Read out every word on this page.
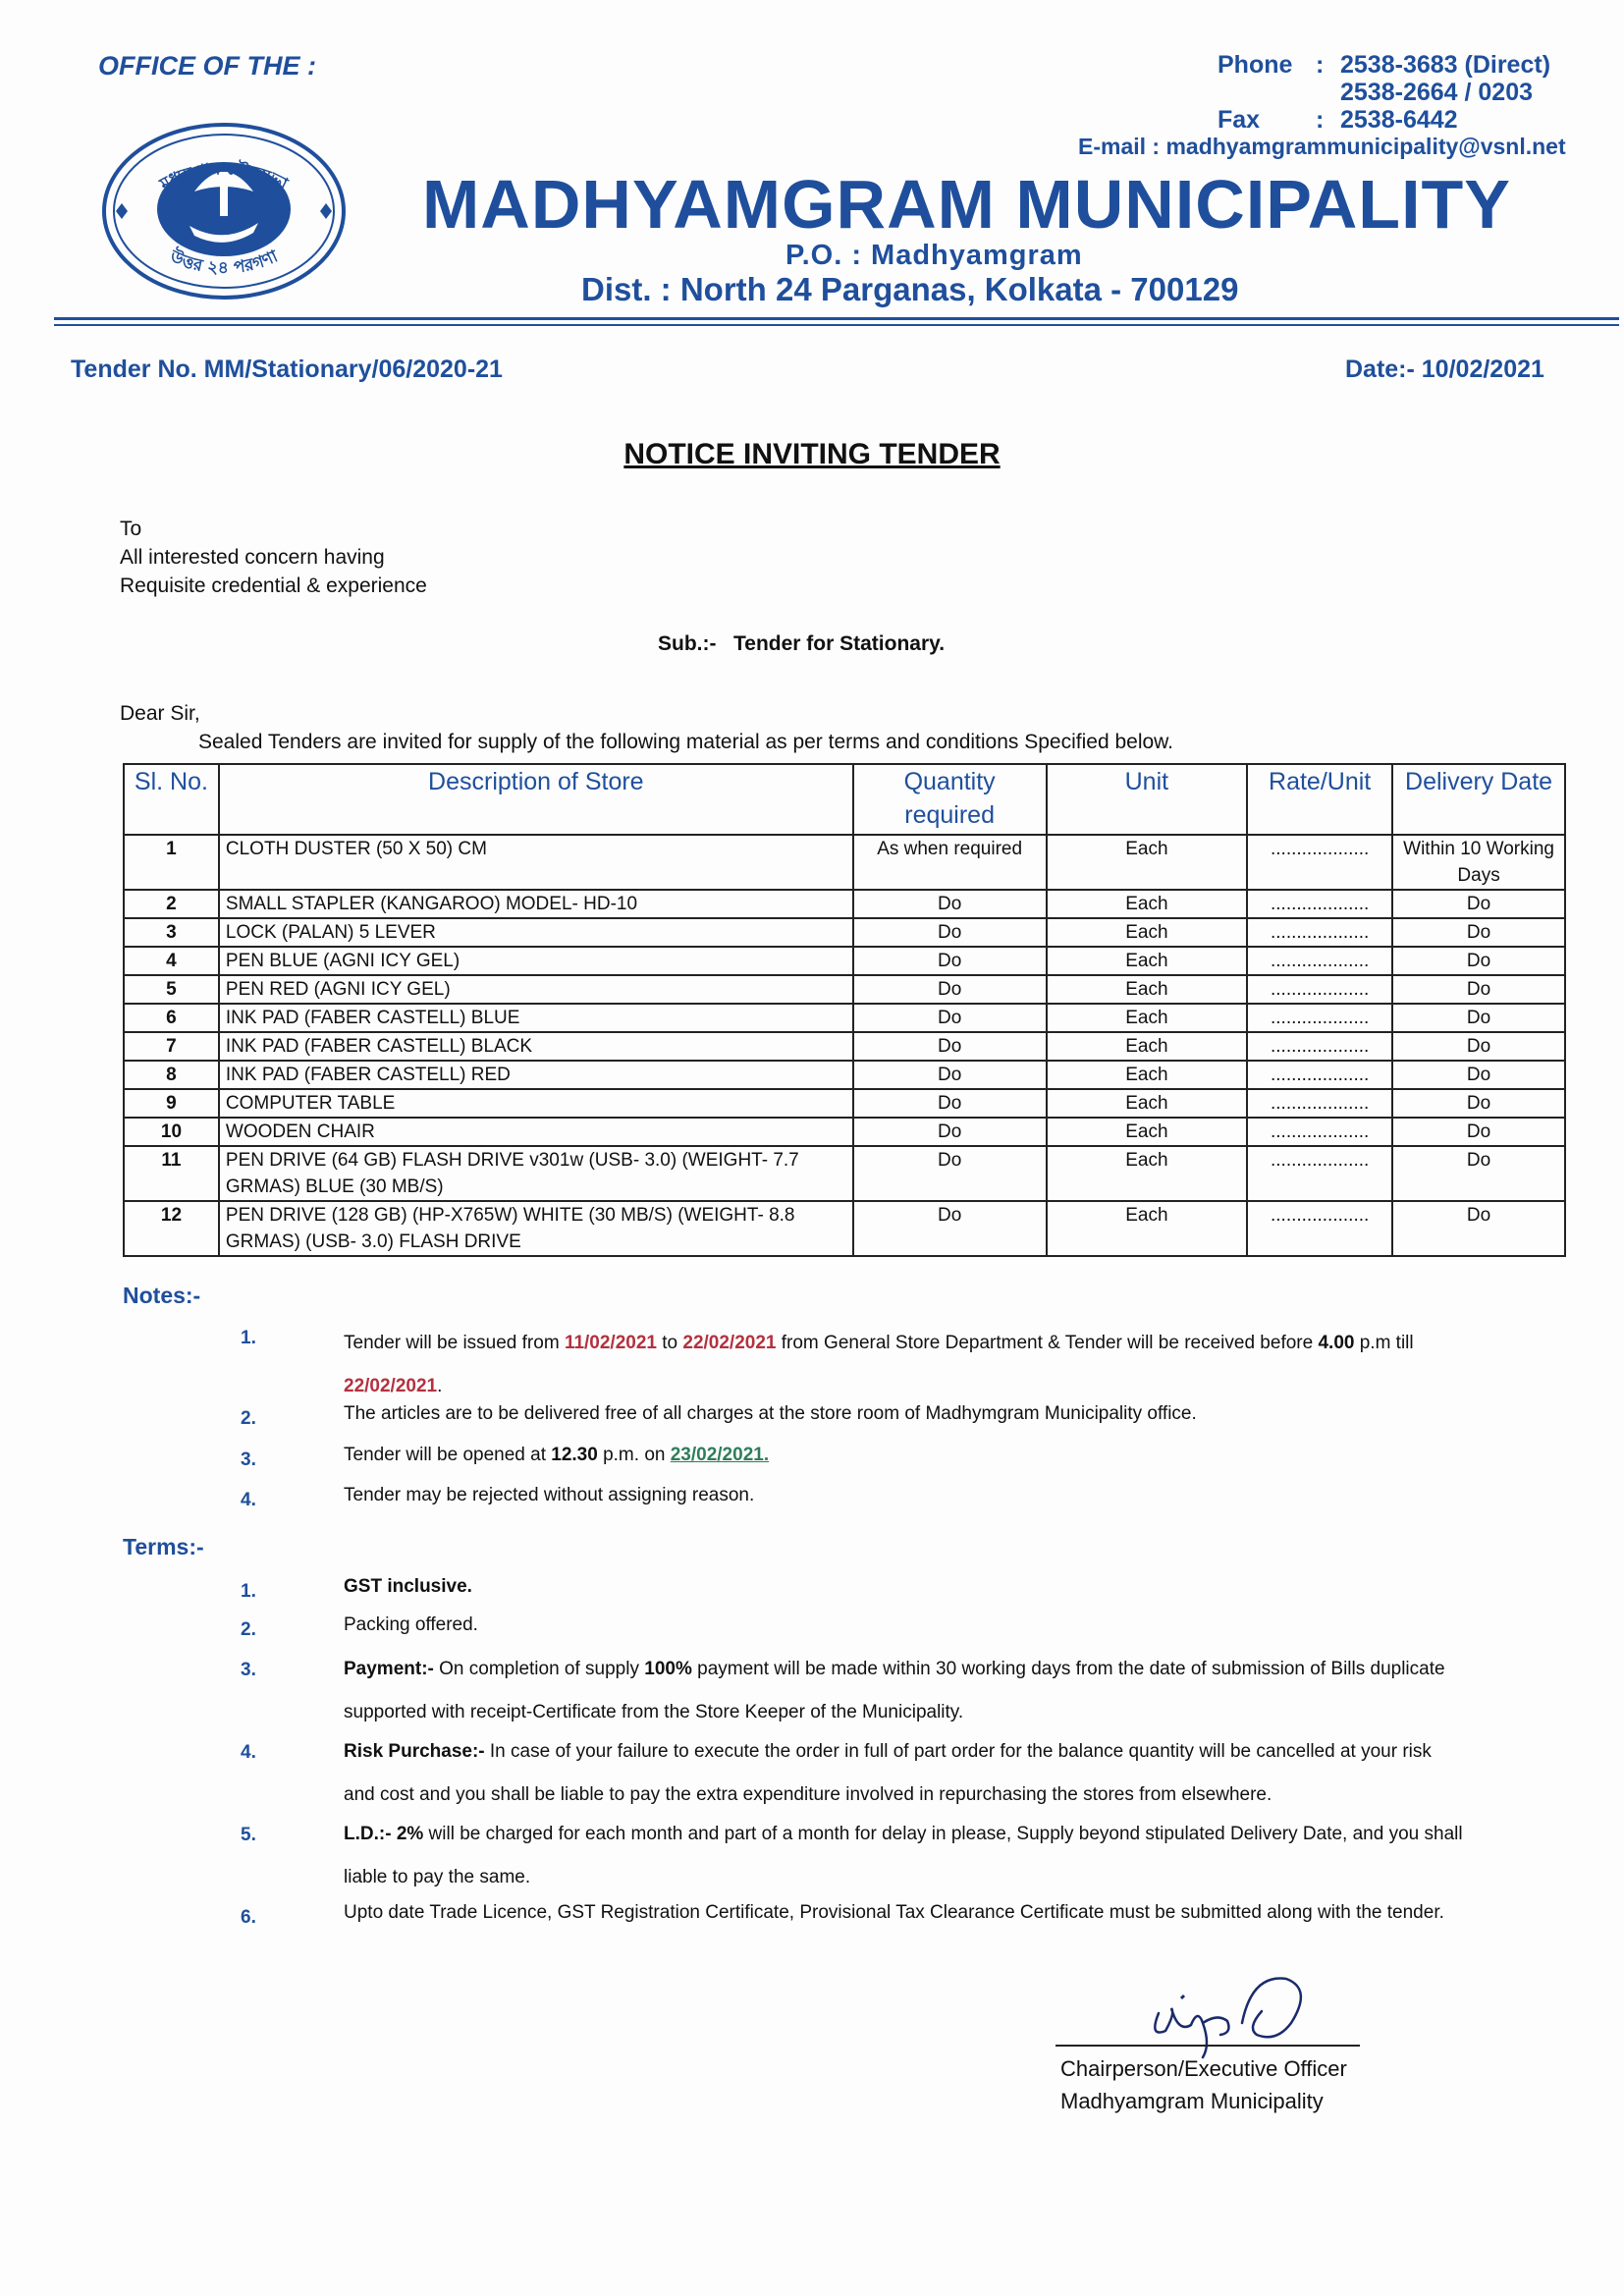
OFFICE OF THE :	Phone : 2538-3683 (Direct)
2538-2664 / 0203
Fax : 2538-6442
E-mail : madhyamgrammunicipality@vsnl.net
মধ্যমগ্রাম পৌরসভা
উত্তর ২৪ পরগণা
MADHYAMGRAM MUNICIPALITY
P.O. : Madhyamgram
Dist. : North 24 Parganas, Kolkata - 700129
Tender No. MM/Stationary/06/2020-21	Date:- 10/02/2021
NOTICE INVITING TENDER
To
All interested concern having
Requisite credential & experience
Sub.:- Tender for Stationary.
Dear Sir,
Sealed Tenders are invited for supply of the following material as per terms and conditions Specified below.
Sl. No.	Description of Store	Quantity required	Unit	Rate/Unit	Delivery Date
1	CLOTH DUSTER (50 X 50) CM	As when required	Each	...................	Within 10 Working Days
2	SMALL STAPLER (KANGAROO) MODEL- HD-10	Do	Each	...................	Do
3	LOCK (PALAN) 5 LEVER	Do	Each	...................	Do
4	PEN BLUE (AGNI ICY GEL)	Do	Each	...................	Do
5	PEN RED (AGNI ICY GEL)	Do	Each	...................	Do
6	INK PAD (FABER CASTELL) BLUE	Do	Each	...................	Do
7	INK PAD (FABER CASTELL) BLACK	Do	Each	...................	Do
8	INK PAD (FABER CASTELL) RED	Do	Each	...................	Do
9	COMPUTER TABLE	Do	Each	...................	Do
10	WOODEN CHAIR	Do	Each	...................	Do
11	PEN DRIVE (64 GB) FLASH DRIVE v301w (USB- 3.0) (WEIGHT- 7.7 GRMAS) BLUE (30 MB/S)	Do	Each	...................	Do
12	PEN DRIVE (128 GB) (HP-X765W) WHITE (30 MB/S) (WEIGHT- 8.8 GRMAS) (USB- 3.0) FLASH DRIVE	Do	Each	...................	Do
Notes:-
1.	Tender will be issued from 11/02/2021 to 22/02/2021 from General Store Department & Tender will be received before 4.00 p.m till
22/02/2021.
2.	The articles are to be delivered free of all charges at the store room of Madhymgram Municipality office.
3.	Tender will be opened at 12.30 p.m. on 23/02/2021.
4.	Tender may be rejected without assigning reason.
Terms:-
1.	GST inclusive.
2.	Packing offered.
3.	Payment:- On completion of supply 100% payment will be made within 30 working days from the date of submission of Bills duplicate
supported with receipt-Certificate from the Store Keeper of the Municipality.
4.	Risk Purchase:- In case of your failure to execute the order in full of part order for the balance quantity will be cancelled at your risk
and cost and you shall be liable to pay the extra expenditure involved in repurchasing the stores from elsewhere.
5.	L.D.:- 2% will be charged for each month and part of a month for delay in please, Supply beyond stipulated Delivery Date, and you shall
liable to pay the same.
6.	Upto date Trade Licence, GST Registration Certificate, Provisional Tax Clearance Certificate must be submitted along with the tender.
Chairperson/Executive Officer
Madhyamgram Municipality
